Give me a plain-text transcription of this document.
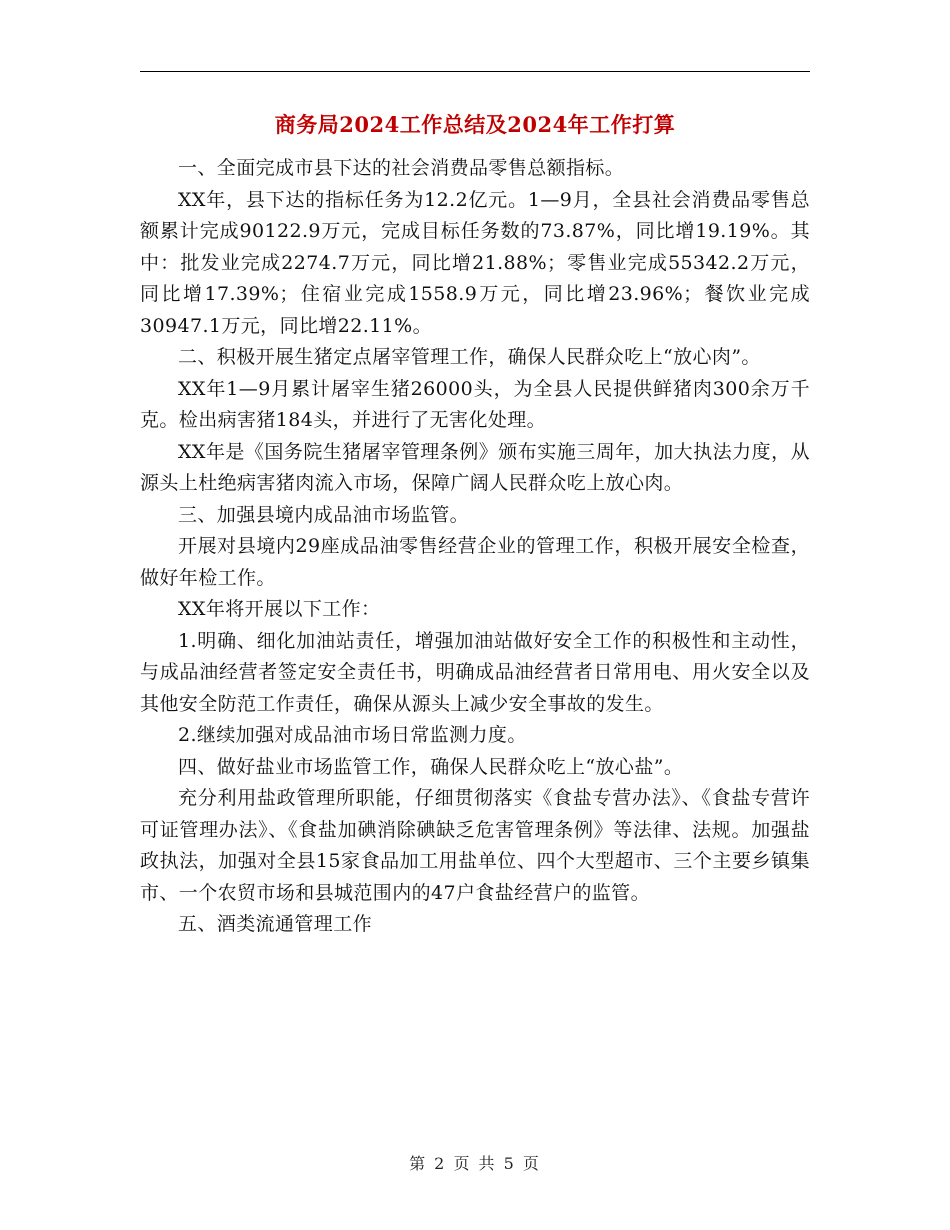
商务局2024工作总结及2024年工作打算

一、全面完成市县下达的社会消费品零售总额指标。

XX年，县下达的指标任务为12.2亿元。1—9月，全县社会消费品零售总额累计完成90122.9万元，完成目标任务数的73.87%，同比增19.19%。其中：批发业完成2274.7万元，同比增21.88%；零售业完成55342.2万元，同比增17.39%；住宿业完成1558.9万元，同比增23.96%；餐饮业完成30947.1万元，同比增22.11%。

二、积极开展生猪定点屠宰管理工作，确保人民群众吃上“放心肉”。

XX年1—9月累计屠宰生猪26000头，为全县人民提供鲜猪肉300余万千克。检出病害猪184头，并进行了无害化处理。

XX年是《国务院生猪屠宰管理条例》颁布实施三周年，加大执法力度，从源头上杜绝病害猪肉流入市场，保障广阔人民群众吃上放心肉。

三、加强县境内成品油市场监管。

开展对县境内29座成品油零售经营企业的管理工作，积极开展安全检查，做好年检工作。

XX年将开展以下工作：

1.明确、细化加油站责任，增强加油站做好安全工作的积极性和主动性，与成品油经营者签定安全责任书，明确成品油经营者日常用电、用火安全以及其他安全防范工作责任，确保从源头上减少安全事故的发生。

2.继续加强对成品油市场日常监测力度。

四、做好盐业市场监管工作，确保人民群众吃上“放心盐”。

充分利用盐政管理所职能，仔细贯彻落实《食盐专营办法》、《食盐专营许可证管理办法》、《食盐加碘消除碘缺乏危害管理条例》等法律、法规。加强盐政执法，加强对全县15家食品加工用盐单位、四个大型超市、三个主要乡镇集市、一个农贸市场和县城范围内的47户食盐经营户的监管。

五、酒类流通管理工作

第 2 页 共 5 页
